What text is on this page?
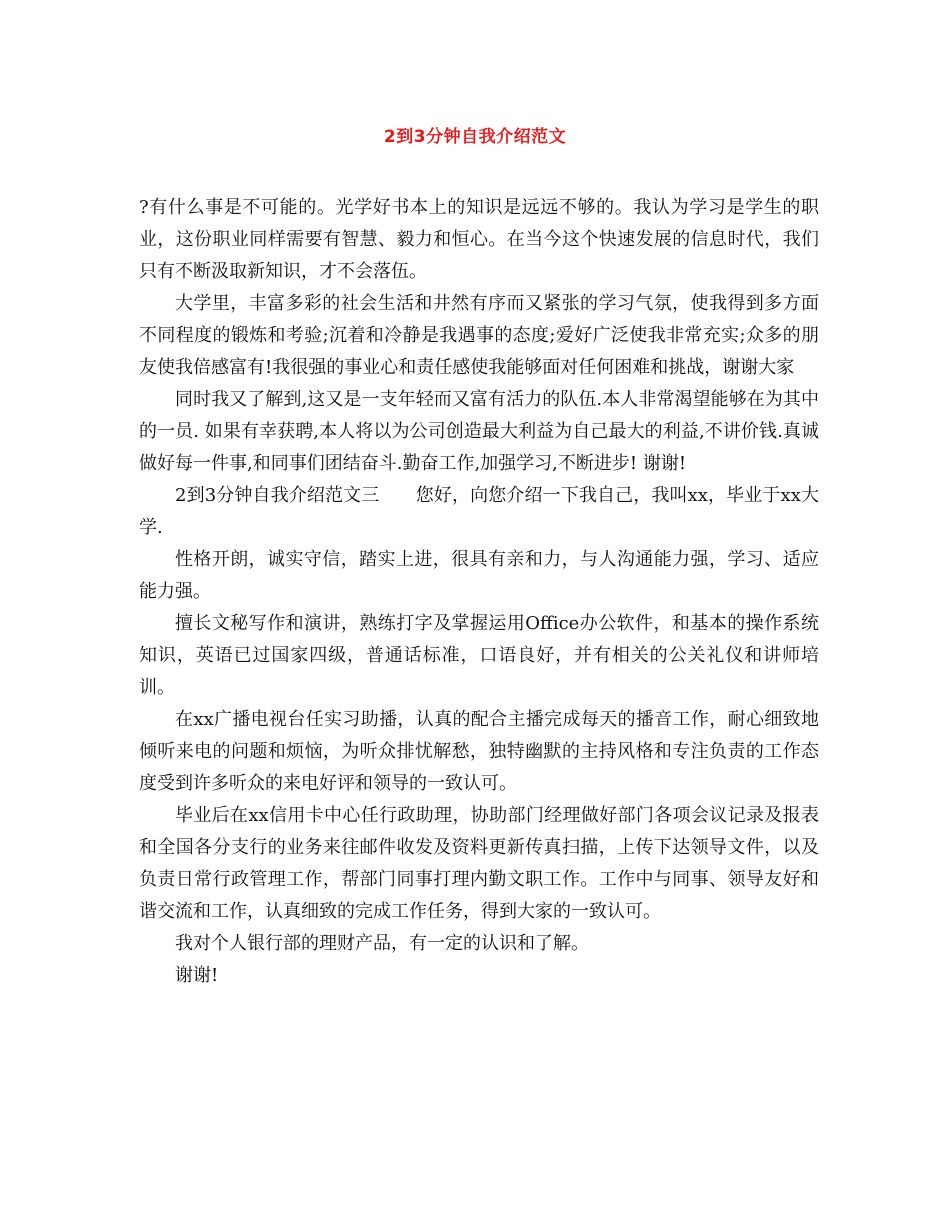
2到3分钟自我介绍范文

?有什么事是不可能的。光学好书本上的知识是远远不够的。我认为学习是学生的职业，这份职业同样需要有智慧、毅力和恒心。在当今这个快速发展的信息时代，我们只有不断汲取新知识，才不会落伍。

大学里，丰富多彩的社会生活和井然有序而又紧张的学习气氛，使我得到多方面不同程度的锻炼和考验;沉着和冷静是我遇事的态度;爱好广泛使我非常充实;众多的朋友使我倍感富有!我很强的事业心和责任感使我能够面对任何困难和挑战，谢谢大家

同时我又了解到,这又是一支年轻而又富有活力的队伍.本人非常渴望能够在为其中的一员. 如果有幸获聘,本人将以为公司创造最大利益为自己最大的利益,不讲价钱.真诚做好每一件事,和同事们团结奋斗.勤奋工作,加强学习,不断进步! 谢谢!

2到3分钟自我介绍范文三　　您好，向您介绍一下我自己，我叫xx，毕业于xx大学.

性格开朗，诚实守信，踏实上进，很具有亲和力，与人沟通能力强，学习、适应能力强。

擅长文秘写作和演讲，熟练打字及掌握运用Office办公软件，和基本的操作系统知识，英语已过国家四级，普通话标准，口语良好，并有相关的公关礼仪和讲师培训。

在xx广播电视台任实习助播，认真的配合主播完成每天的播音工作，耐心细致地倾听来电的问题和烦恼，为听众排忧解愁，独特幽默的主持风格和专注负责的工作态度受到许多听众的来电好评和领导的一致认可。

毕业后在xx信用卡中心任行政助理，协助部门经理做好部门各项会议记录及报表和全国各分支行的业务来往邮件收发及资料更新传真扫描，上传下达领导文件，以及负责日常行政管理工作，帮部门同事打理内勤文职工作。工作中与同事、领导友好和谐交流和工作，认真细致的完成工作任务，得到大家的一致认可。

我对个人银行部的理财产品，有一定的认识和了解。

谢谢!
